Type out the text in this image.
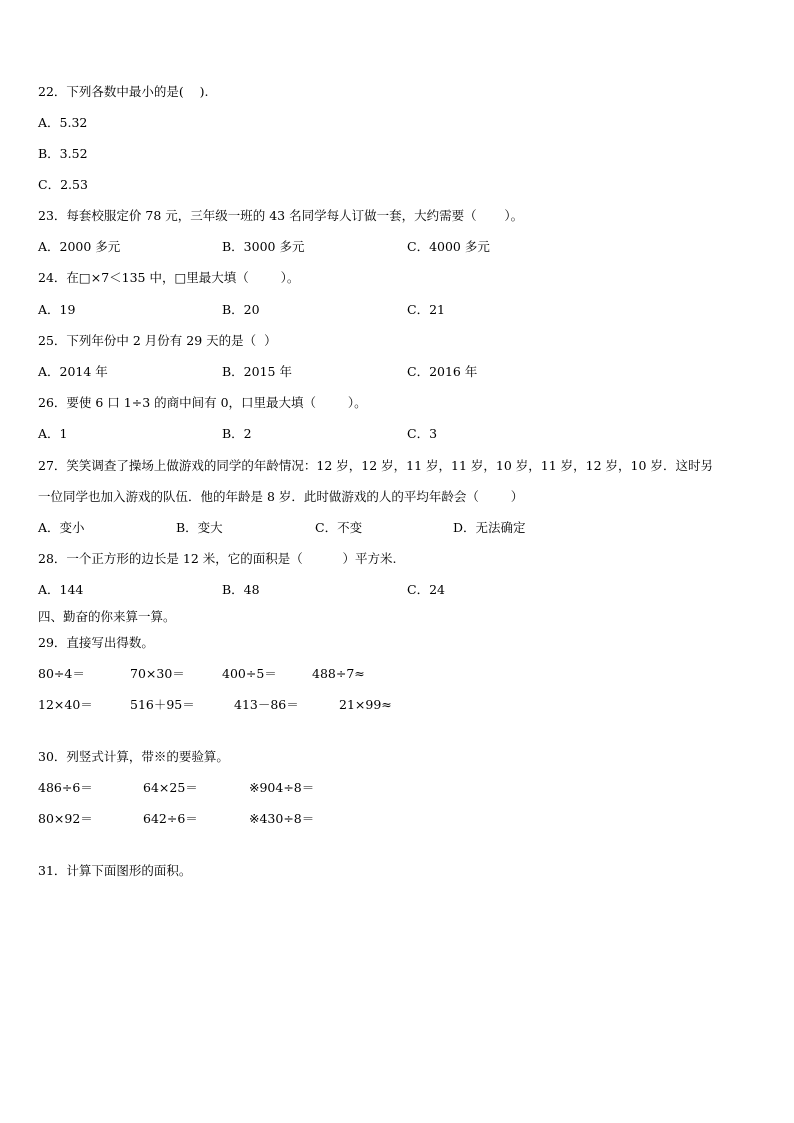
22．下列各数中最小的是(    ).
A．5.32
B．3.52
C．2.53
23．每套校服定价 78 元，三年级一班的 43 名同学每人订做一套，大约需要（       ）。
A．2000 多元	B．3000 多元	C．4000 多元
24．在□×7＜135 中，□里最大填（        ）。
A．19	B．20	C．21
25．下列年份中 2 月份有 29 天的是（  ）
A．2014 年	B．2015 年	C．2016 年
26．要使 6 口 1÷3 的商中间有 0，口里最大填（        ）。
A．1	B．2	C．3
27．笑笑调查了操场上做游戏的同学的年龄情况：12 岁，12 岁，11 岁，11 岁，10 岁，11 岁，12 岁，10 岁．这时另
一位同学也加入游戏的队伍．他的年龄是 8 岁．此时做游戏的人的平均年龄会（        ）
A．变小	B．变大	C．不变	D．无法确定
28．一个正方形的边长是 12 米，它的面积是（          ）平方米.
A．144	B．48	C．24
四、勤奋的你来算一算。
29．直接写出得数。
80÷4＝	70×30＝	400÷5＝	488÷7≈
12×40＝	516＋95＝	413－86＝	21×99≈
30．列竖式计算，带※的要验算。
486÷6＝	64×25＝	※904÷8＝
80×92＝	642÷6＝	※430÷8＝
31．计算下面图形的面积。
